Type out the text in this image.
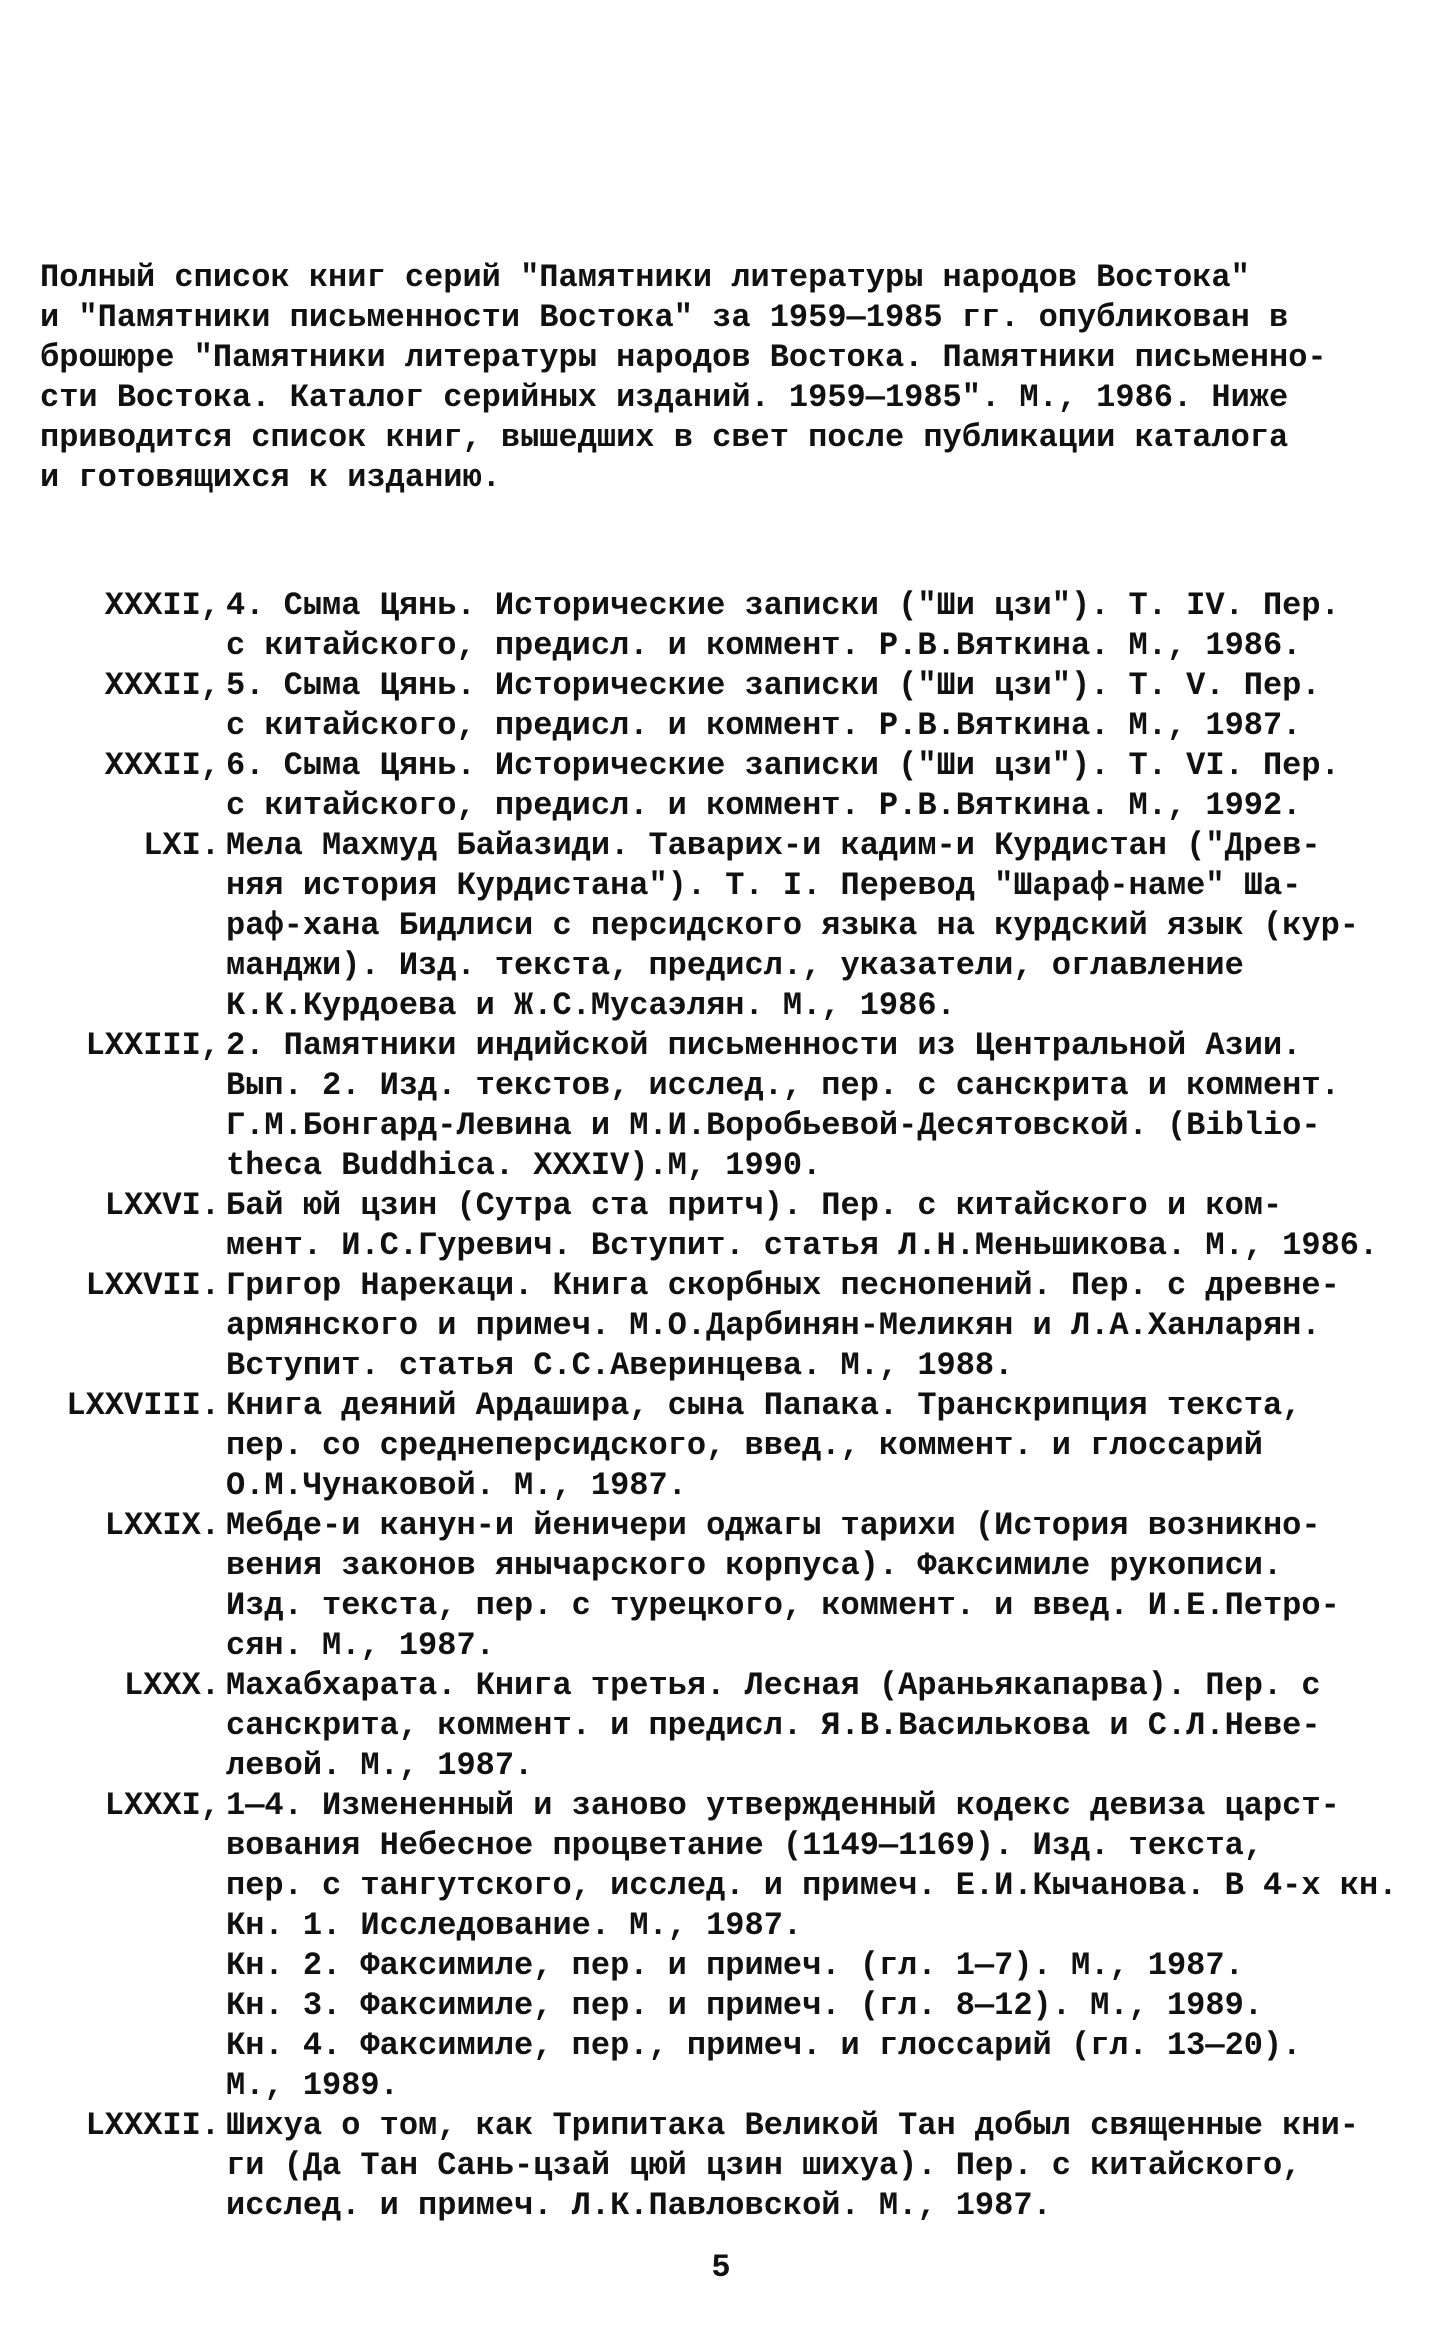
Полный список книг серий "Памятники литературы народов Востока"
и "Памятники письменности Востока" за 1959—1985 гг. опубликован в
брошюре "Памятники литературы народов Востока. Памятники письменно-
сти Востока. Каталог серийных изданий. 1959—1985". М., 1986. Ниже
приводится список книг, вышедших в свет после публикации каталога
и готовящихся к изданию.
XXXII, 4. Сыма Цянь. Исторические записки ("Ши цзи"). Т. IV. Пер.
с китайского, предисл. и коммент. Р.В.Вяткина. М., 1986.
XXXII, 5. Сыма Цянь. Исторические записки ("Ши цзи"). Т. V. Пер.
с китайского, предисл. и коммент. Р.В.Вяткина. М., 1987.
XXXII, 6. Сыма Цянь. Исторические записки ("Ши цзи"). Т. VI. Пер.
с китайского, предисл. и коммент. Р.В.Вяткина. М., 1992.
LXI. Мела Махмуд Байазиди. Таварих-и кадим-и Курдистан ("Древ-
няя история Курдистана"). Т. I. Перевод "Шараф-наме" Ша-
раф-хана Бидлиси с персидского языка на курдский язык (кур-
манджи). Изд. текста, предисл., указатели, оглавление
К.К.Курдоева и Ж.С.Мусаэлян. М., 1986.
LXXIII, 2. Памятники индийской письменности из Центральной Азии.
Вып. 2. Изд. текстов, исслед., пер. с санскрита и коммент.
Г.М.Бонгард-Левина и М.И.Воробьевой-Десятовской. (Biblio-
theca Buddhica. XXXIV).М, 1990.
LXXVI. Бай юй цзин (Сутра ста притч). Пер. с китайского и ком-
мент. И.С.Гуревич. Вступит. статья Л.Н.Меньшикова. М., 1986.
LXXVII. Григор Нарекаци. Книга скорбных песнопений. Пер. с древне-
армянского и примеч. М.О.Дарбинян-Меликян и Л.А.Ханларян.
Вступит. статья С.С.Аверинцева. М., 1988.
LXXVIII. Книга деяний Ардашира, сына Папака. Транскрипция текста,
пер. со среднеперсидского, введ., коммент. и глоссарий
О.М.Чунаковой. М., 1987.
LXXIX. Мебде-и канун-и йеничери оджагы тарихи (История возникно-
вения законов янычарского корпуса). Факсимиле рукописи.
Изд. текста, пер. с турецкого, коммент. и введ. И.Е.Петро-
сян. М., 1987.
LXXX. Махабхарата. Книга третья. Лесная (Араньякапарва). Пер. с
санскрита, коммент. и предисл. Я.В.Василькова и С.Л.Неве-
левой. М., 1987.
LXXXI, 1—4. Измененный и заново утвержденный кодекс девиза царст-
вования Небесное процветание (1149—1169). Изд. текста,
пер. с тангутского, исслед. и примеч. Е.И.Кычанова. В 4-х кн.
Кн. 1. Исследование. М., 1987.
Кн. 2. Факсимиле, пер. и примеч. (гл. 1—7). М., 1987.
Кн. 3. Факсимиле, пер. и примеч. (гл. 8—12). М., 1989.
Кн. 4. Факсимиле, пер., примеч. и глоссарий (гл. 13—20).
М., 1989.
LXXXII. Шихуа о том, как Трипитака Великой Тан добыл священные кни-
ги (Да Тан Сань-цзай цюй цзин шихуа). Пер. с китайского,
исслед. и примеч. Л.К.Павловской. М., 1987.
5
